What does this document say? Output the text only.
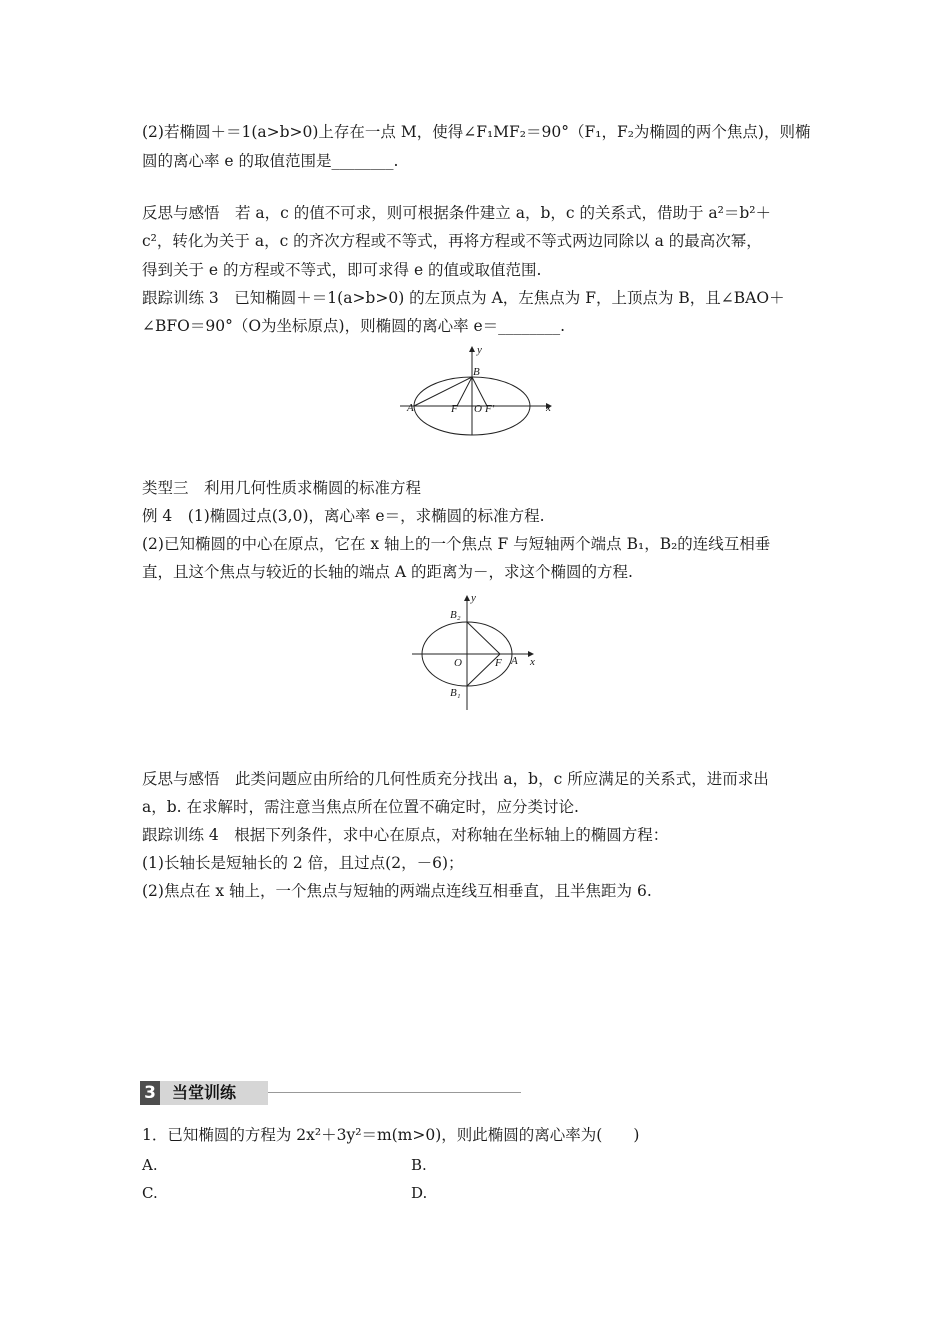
(2)若椭圆＋＝1(a>b>0)上存在一点 M，使得∠F₁MF₂＝90°（F₁，F₂为椭圆的两个焦点)，则椭
圆的离心率 e 的取值范围是________.
反思与感悟　若 a，c 的值不可求，则可根据条件建立 a，b，c 的关系式，借助于 a²＝b²＋
c²，转化为关于 a，c 的齐次方程或不等式，再将方程或不等式两边同除以 a 的最高次幂，
得到关于 e 的方程或不等式，即可求得 e 的值或取值范围.
跟踪训练 3　已知椭圆＋＝1(a>b>0) 的左顶点为 A，左焦点为 F，上顶点为 B，且∠BAO＋
∠BFO＝90°（O为坐标原点)，则椭圆的离心率 e＝________.
y
x
B
A	F O F′
类型三　利用几何性质求椭圆的标准方程
例 4　(1)椭圆过点(3,0)，离心率 e＝，求椭圆的标准方程.
(2)已知椭圆的中心在原点，它在 x 轴上的一个焦点 F 与短轴两个端点 B₁，B₂的连线互相垂
直，且这个焦点与较近的长轴的端点 A 的距离为－，求这个椭圆的方程.
y
x
B₂
B₁
O	F A
反思与感悟　此类问题应由所给的几何性质充分找出 a，b，c 所应满足的关系式，进而求出
a，b. 在求解时，需注意当焦点所在位置不确定时，应分类讨论.
跟踪训练 4　根据下列条件，求中心在原点，对称轴在坐标轴上的椭圆方程：
(1)长轴长是短轴长的 2 倍，且过点(2，－6)；
(2)焦点在 x 轴上，一个焦点与短轴的两端点连线互相垂直，且半焦距为 6.
3	当堂训练
1．已知椭圆的方程为 2x²＋3y²＝m(m>0)，则此椭圆的离心率为(　　)
A.	B.
C.	D.
